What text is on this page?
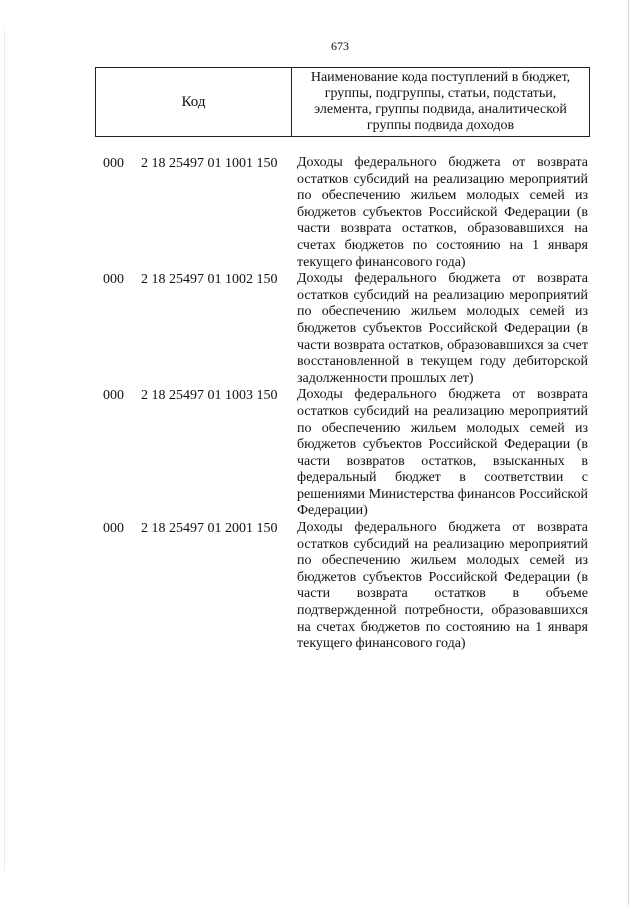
673
Код
Наименование кода поступлений в бюджет, группы, подгруппы, статьи, подстатьи, элемента, группы подвида, аналитической группы подвида доходов
000 2 18 25497 01 1001 150 Доходы федерального бюджета от возврата остатков субсидий на реализацию мероприятий по обеспечению жильем молодых семей из бюджетов субъектов Российской Федерации (в части возврата остатков, образовавшихся на счетах бюджетов по состоянию на 1 января текущего финансового года)
000 2 18 25497 01 1002 150 Доходы федерального бюджета от возврата остатков субсидий на реализацию мероприятий по обеспечению жильем молодых семей из бюджетов субъектов Российской Федерации (в части возврата остатков, образовавшихся за счет восстановленной в текущем году дебиторской задолженности прошлых лет)
000 2 18 25497 01 1003 150 Доходы федерального бюджета от возврата остатков субсидий на реализацию мероприятий по обеспечению жильем молодых семей из бюджетов субъектов Российской Федерации (в части возвратов остатков, взысканных в федеральный бюджет в соответствии с решениями Министерства финансов Российской Федерации)
000 2 18 25497 01 2001 150 Доходы федерального бюджета от возврата остатков субсидий на реализацию мероприятий по обеспечению жильем молодых семей из бюджетов субъектов Российской Федерации (в части возврата остатков в объеме подтвержденной потребности, образовавшихся на счетах бюджетов по состоянию на 1 января текущего финансового года)
